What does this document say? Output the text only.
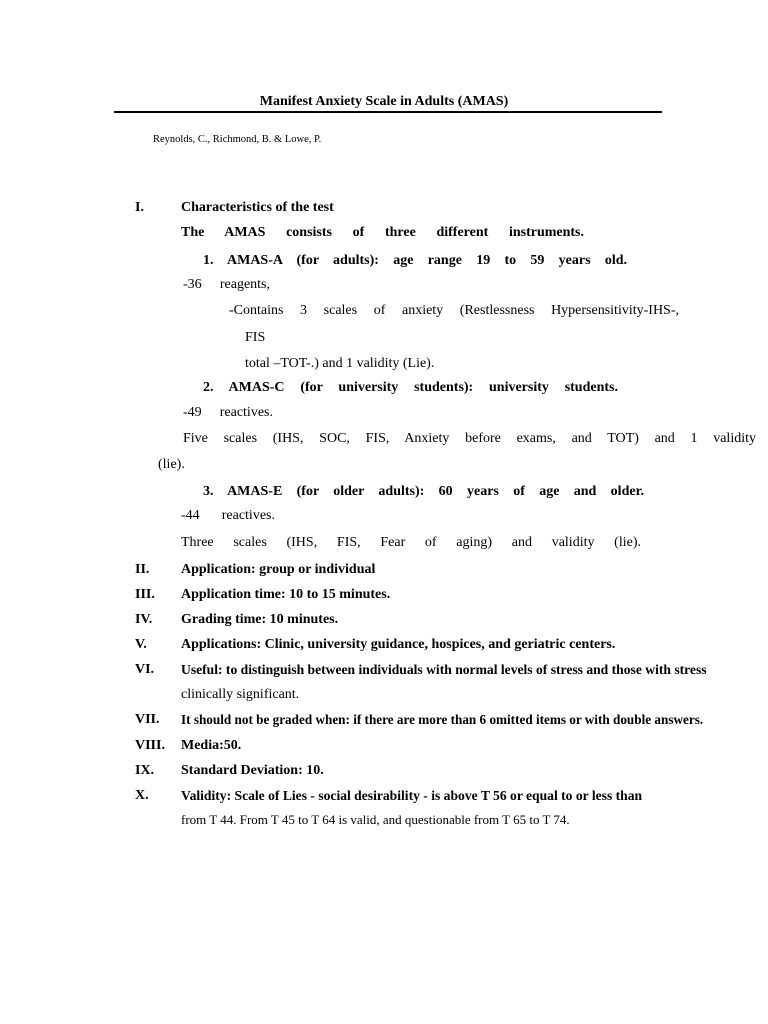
Manifest Anxiety Scale in Adults (AMAS)
Reynolds, C., Richmond, B. & Lowe, P.
I.	Characteristics of the test
The AMAS consists of three different instruments.
1. AMAS-A (for adults): age range 19 to 59 years old.
-36 reagents,
-Contains 3 scales of anxiety (Restlessness Hypersensitivity-IHS-,
FIS
total –TOT-.) and 1 validity (Lie).
2. AMAS-C (for university students): university students.
-49 reactives.
Five scales (IHS, SOC, FIS, Anxiety before exams, and TOT) and 1 validity
(lie).
3. AMAS-E (for older adults): 60 years of age and older.
-44 reactives.
Three scales (IHS, FIS, Fear of aging) and validity (lie).
II. Application: group or individual
III. Application time: 10 to 15 minutes.
IV. Grading time: 10 minutes.
V. Applications: Clinic, university guidance, hospices, and geriatric centers.
VI. Useful: to distinguish between individuals with normal levels of stress and those with stress
clinically significant.
VII. It should not be graded when: if there are more than 6 omitted items or with double answers.
VIII. Media:50.
IX. Standard Deviation: 10.
X. Validity: Scale of Lies - social desirability - is above T 56 or equal to or less than
from T 44. From T 45 to T 64 is valid, and questionable from T 65 to T 74.
